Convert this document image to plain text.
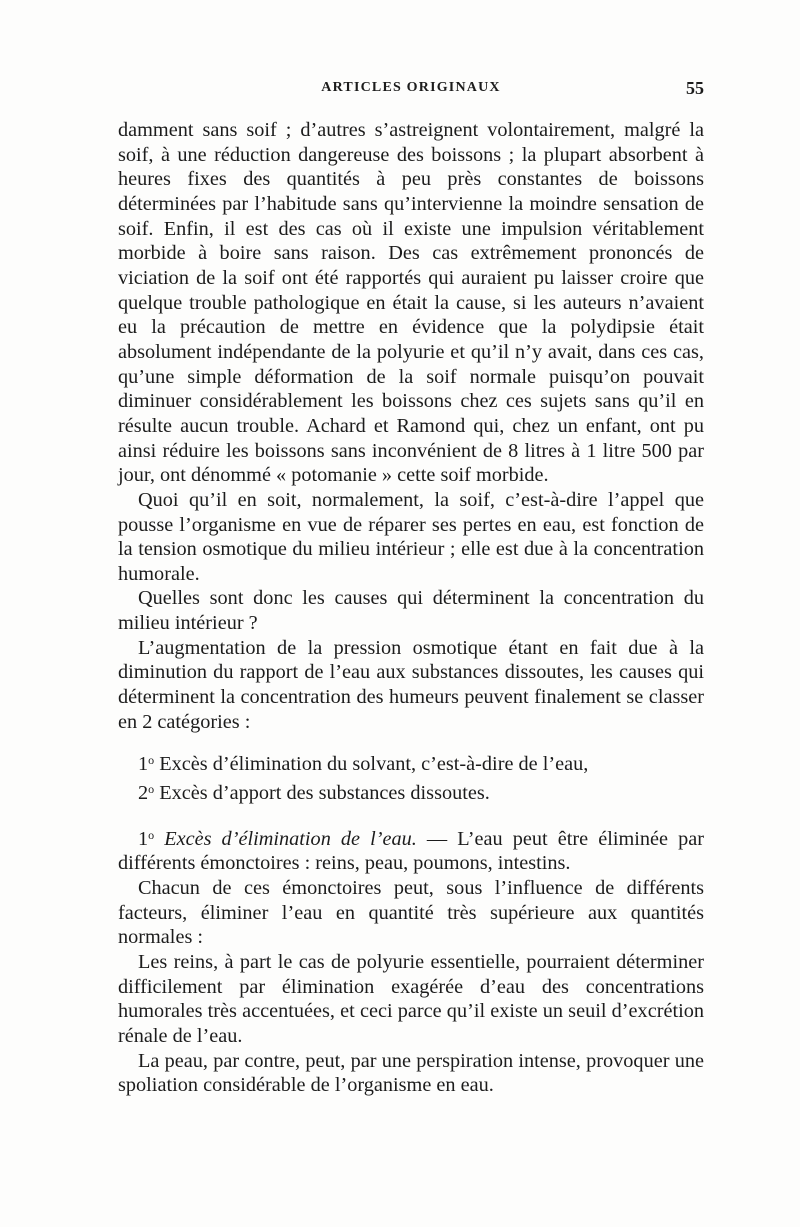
ARTICLES ORIGINAUX	55

damment sans soif ; d’autres s’astreignent volontairement, malgré la soif, à une réduction dangereuse des boissons ; la plupart absorbent à heures fixes des quantités à peu près constantes de boissons déterminées par l’habitude sans qu’intervienne la moindre sensation de soif. Enfin, il est des cas où il existe une impulsion véritablement morbide à boire sans raison. Des cas extrêmement prononcés de viciation de la soif ont été rapportés qui auraient pu laisser croire que quelque trouble pathologique en était la cause, si les auteurs n’avaient eu la précaution de mettre en évidence que la polydipsie était absolument indépendante de la polyurie et qu’il n’y avait, dans ces cas, qu’une simple déformation de la soif normale puisqu’on pouvait diminuer considérablement les boissons chez ces sujets sans qu’il en résulte aucun trouble. Achard et Ramond qui, chez un enfant, ont pu ainsi réduire les boissons sans inconvénient de 8 litres à 1 litre 500 par jour, ont dénommé « potomanie » cette soif morbide.

Quoi qu’il en soit, normalement, la soif, c’est-à-dire l’appel que pousse l’organisme en vue de réparer ses pertes en eau, est fonction de la tension osmotique du milieu intérieur ; elle est due à la concentration humorale.

Quelles sont donc les causes qui déterminent la concentration du milieu intérieur ?

L’augmentation de la pression osmotique étant en fait due à la diminution du rapport de l’eau aux substances dissoutes, les causes qui déterminent la concentration des humeurs peuvent finalement se classer en 2 catégories :

1$^o$ Excès d’élimination du solvant, c’est-à-dire de l’eau,

2$^o$ Excès d’apport des substances dissoutes.

1$^o$ Excès d’élimination de l’eau. — L’eau peut être éliminée par différents émonctoires : reins, peau, poumons, intestins.

Chacun de ces émonctoires peut, sous l’influence de différents facteurs, éliminer l’eau en quantité très supérieure aux quantités normales :

Les reins, à part le cas de polyurie essentielle, pourraient déterminer difficilement par élimination exagérée d’eau des concentrations humorales très accentuées, et ceci parce qu’il existe un seuil d’excrétion rénale de l’eau.

La peau, par contre, peut, par une perspiration intense, provoquer une spoliation considérable de l’organisme en eau.
